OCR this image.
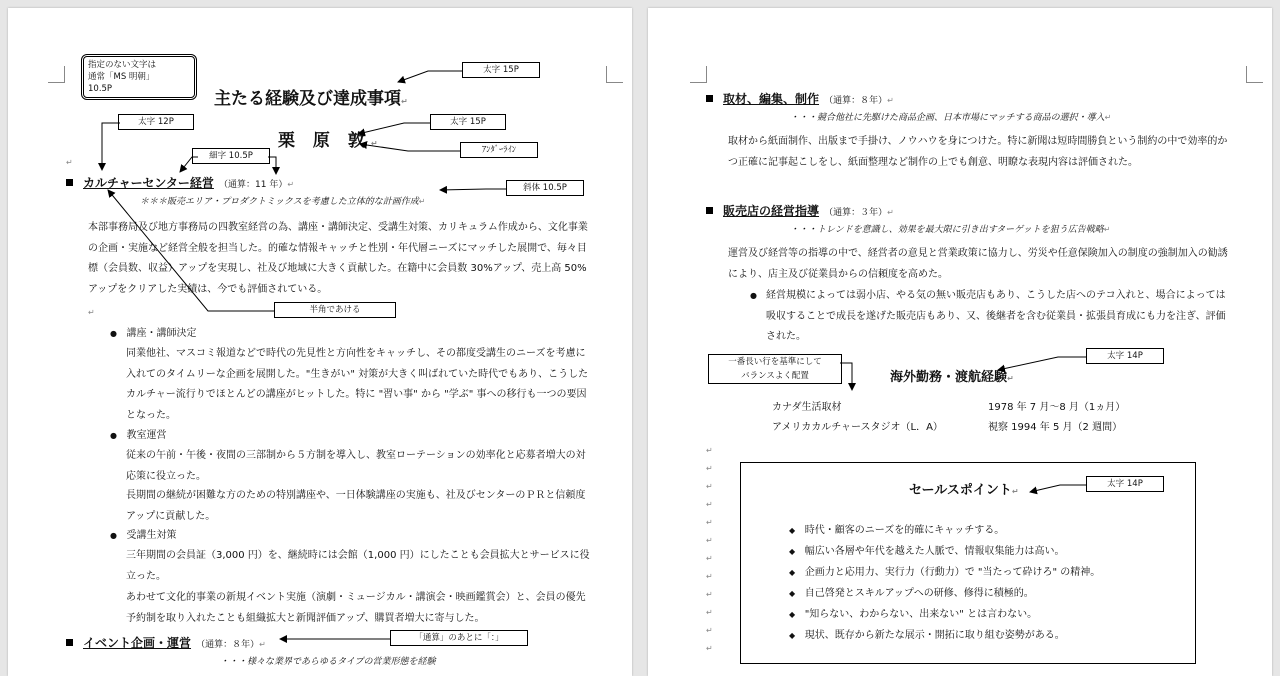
指定のない文字は
通常「MS 明朝」
10.5P	主たる経験及び達成事項↵
太字 15P
太字 12P
栗 原 敦↵
太字 15P
ｱﾝﾀﾞｰﾗｲﾝ
細字 10.5P
↵
カルチャーセンター経営 （通算：11 年）↵	斜体 10.5P
＊＊＊販売エリア・プロダクトミックスを考慮した立体的な計画作成↵
本部事務局及び地方事務局の四教室経営の為、講座・講師決定、受講生対策、カリキュラム作成から、文化事業の企画・実施など経営全般を担当した。的確な情報キャッチと性別・年代層ニーズにマッチした展開で、毎々目標（会員数、収益）アップを実現し、社及び地域に大きく貢献した。在籍中に会員数 30%アップ、売上高 50%アップをクリアした実績は、今でも評価されている。
↵	半角であける
● 講座・講師決定
同業他社、マスコミ報道などで時代の先見性と方向性をキャッチし、その都度受講生のニーズを考慮に入れてのタイムリーな企画を展開した。"生きがい" 対策が大きく叫ばれていた時代でもあり、こうしたカルチャー流行りでほとんどの講座がヒットした。特に "習い事" から "学ぶ" 事への移行も一つの要因となった。
● 教室運営
従来の午前・午後・夜間の三部制から５方制を導入し、教室ローテーションの効率化と応募者増大の対応策に役立った。
長期間の継続が困難な方のための特別講座や、一日体験講座の実施も、社及びセンターのＰＲと信頼度アップに貢献した。
● 受講生対策
三年期間の会員証（3,000 円）を、継続時には会館（1,000 円）にしたことも会員拡大とサービスに役立った。
あわせて文化的事業の新規イベント実施（演劇・ミュージカル・講演会・映画鑑賞会）と、会員の優先予約制を取り入れたことも組織拡大と新聞評価アップ、購買者増大に寄与した。
イベント企画・運営 （通算：８年）↵
「通算」のあとに「：」
・・・様々な業界であらゆるタイプの営業形態を経験
取材、編集、制作 （通算：８年）↵
・・・競合他社に先駆けた商品企画、日本市場にマッチする商品の選択・導入↵
取材から紙面制作、出版まで手掛け、ノウハウを身につけた。特に新聞は短時間勝負という制約の中で効率的かつ正確に記事起こしをし、紙面整理など制作の上でも創意、明瞭な表現内容は評価された。
販売店の経営指導 （通算：３年）↵
・・・トレンドを意識し、効果を最大限に引き出すターゲットを狙う広告戦略↵
運営及び経営等の指導の中で、経営者の意見と営業政策に協力し、労災や任意保険加入の制度の強制加入の勧誘により、店主及び従業員からの信頼度を高めた。
● 経営規模によっては弱小店、やる気の無い販売店もあり、こうした店へのテコ入れと、場合によっては吸収することで成長を遂げた販売店もあり、又、後継者を含む従業員・拡張員育成にも力を注ぎ、評価された。
一番長い行を基準にして
バランスよく配置	海外勤務・渡航経験↵
太字 14P
カナダ生活取材	1978 年 7 月～8 月（1ヵ月）
アメリカカルチャースタジオ（L．A）	視察 1994 年 5 月（2 週間）
↵
↵
↵
↵
↵
↵
↵
↵
↵
↵
↵
↵
セールスポイント↵
◆ 時代・顧客のニーズを的確にキャッチする。
◆ 幅広い各層や年代を越えた人脈で、情報収集能力は高い。
◆ 企画力と応用力、実行力（行動力）で "当たって砕けろ" の精神。
◆ 自己啓発とスキルアップへの研修、修得に積極的。
◆ "知らない、わからない、出来ない" とは言わない。
◆ 現状、既存から新たな展示・開拓に取り組む姿勢がある。
太字 14P
